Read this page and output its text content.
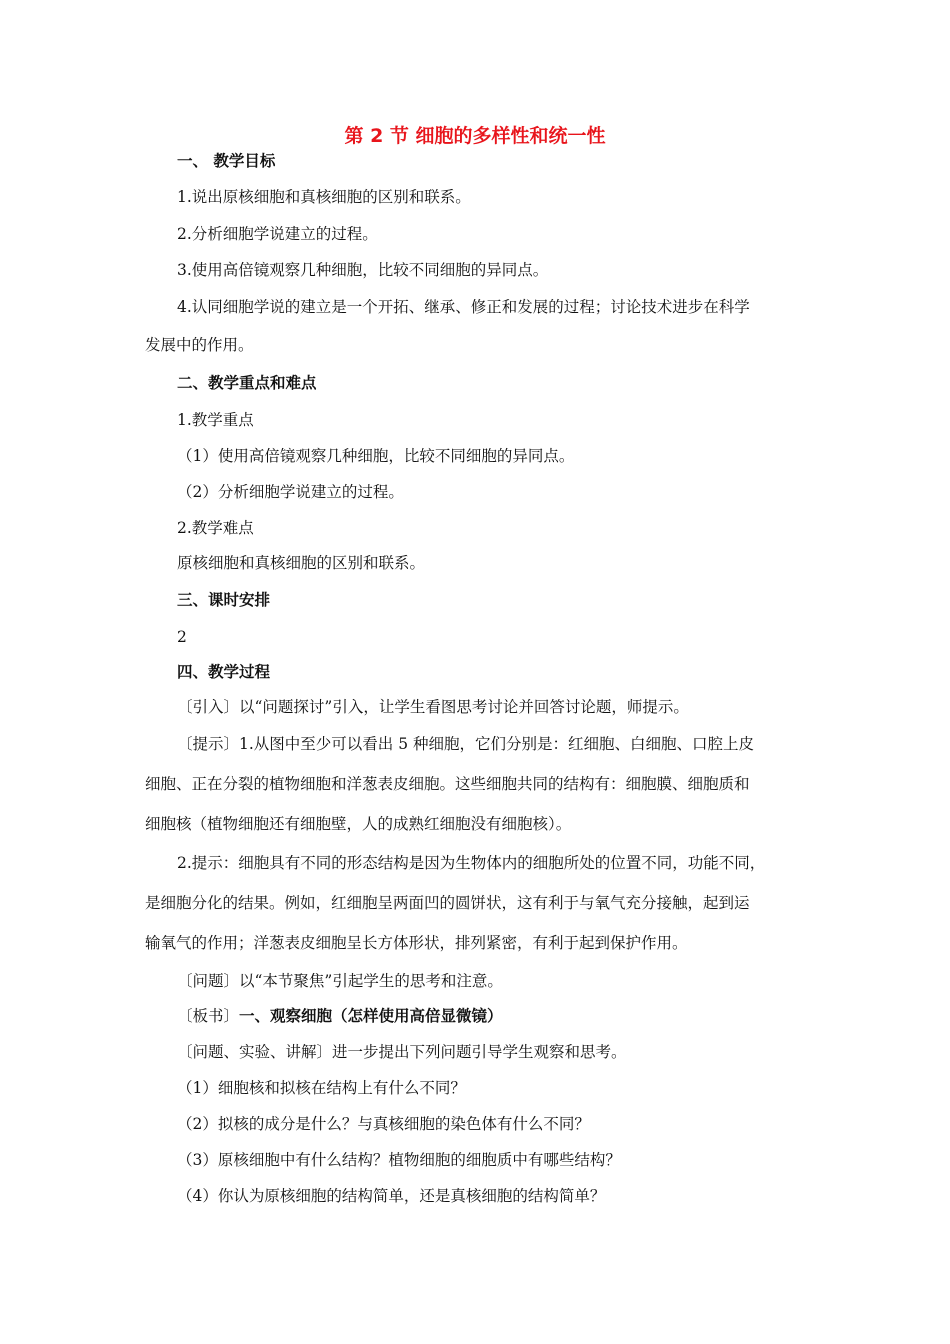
第 2 节 细胞的多样性和统一性

一、 教学目标

1.说出原核细胞和真核细胞的区别和联系。

2.分析细胞学说建立的过程。

3.使用高倍镜观察几种细胞，比较不同细胞的异同点。

4.认同细胞学说的建立是一个开拓、继承、修正和发展的过程；讨论技术进步在科学

发展中的作用。

二、教学重点和难点

1.教学重点

（1）使用高倍镜观察几种细胞，比较不同细胞的异同点。

（2）分析细胞学说建立的过程。

2.教学难点

原核细胞和真核细胞的区别和联系。

三、课时安排

2

四、教学过程

〔引入〕以“问题探讨”引入，让学生看图思考讨论并回答讨论题，师提示。

〔提示〕1.从图中至少可以看出 5 种细胞，它们分别是：红细胞、白细胞、口腔上皮

细胞、正在分裂的植物细胞和洋葱表皮细胞。这些细胞共同的结构有：细胞膜、细胞质和

细胞核（植物细胞还有细胞壁，人的成熟红细胞没有细胞核）。

2.提示：细胞具有不同的形态结构是因为生物体内的细胞所处的位置不同，功能不同，

是细胞分化的结果。例如，红细胞呈两面凹的圆饼状，这有利于与氧气充分接触，起到运

输氧气的作用；洋葱表皮细胞呈长方体形状，排列紧密，有利于起到保护作用。

〔问题〕以“本节聚焦”引起学生的思考和注意。

〔板书〕一、观察细胞（怎样使用高倍显微镜）

〔问题、实验、讲解〕进一步提出下列问题引导学生观察和思考。

（1）细胞核和拟核在结构上有什么不同？

（2）拟核的成分是什么？与真核细胞的染色体有什么不同？

（3）原核细胞中有什么结构？植物细胞的细胞质中有哪些结构？

（4）你认为原核细胞的结构简单，还是真核细胞的结构简单？
